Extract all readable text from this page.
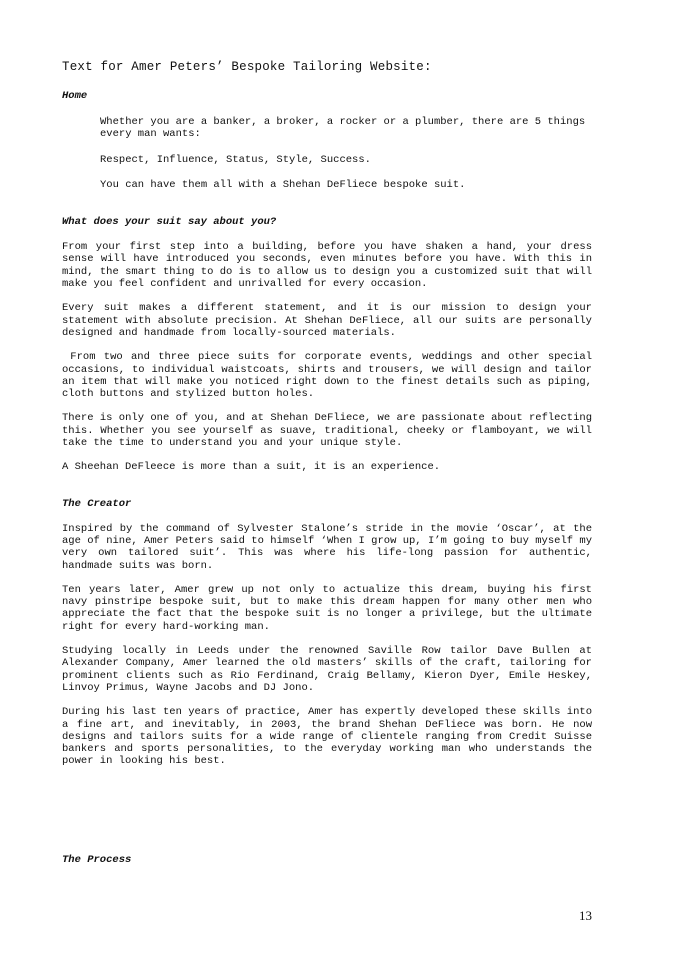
Text for Amer Peters’ Bespoke Tailoring Website:
Home

Whether you are a banker, a broker, a rocker or a plumber, there are 5 things every man wants:

Respect, Influence, Status, Style, Success.

You can have them all with a Shehan DeFliece bespoke suit.

What does your suit say about you?

From your first step into a building, before you have shaken a hand, your dress sense will have introduced you seconds, even minutes before you have. With this in mind, the smart thing to do is to allow us to design you a customized suit that will make you feel confident and unrivalled for every occasion.

Every suit makes a different statement, and it is our mission to design your statement with absolute precision. At Shehan DeFliece, all our suits are personally designed and handmade from locally-sourced materials.

From two and three piece suits for corporate events, weddings and other special occasions, to individual waistcoats, shirts and trousers, we will design and tailor an item that will make you noticed right down to the finest details such as piping, cloth buttons and stylized button holes.

There is only one of you, and at Shehan DeFliece, we are passionate about reflecting this. Whether you see yourself as suave, traditional, cheeky or flamboyant, we will take the time to understand you and your unique style.

A Sheehan DeFleece is more than a suit, it is an experience.

The Creator

Inspired by the command of Sylvester Stalone’s stride in the movie ‘Oscar’, at the age of nine, Amer Peters said to himself ‘When I grow up, I’m going to buy myself my very own tailored suit’. This was where his life-long passion for authentic, handmade suits was born.

Ten years later, Amer grew up not only to actualize this dream, buying his first navy pinstripe bespoke suit, but to make this dream happen for many other men who appreciate the fact that the bespoke suit is no longer a privilege, but the ultimate right for every hard-working man.

Studying locally in Leeds under the renowned Saville Row tailor Dave Bullen at Alexander Company, Amer learned the old masters’ skills of the craft, tailoring for prominent clients such as Rio Ferdinand, Craig Bellamy, Kieron Dyer, Emile Heskey, Linvoy Primus, Wayne Jacobs and DJ Jono.

During his last ten years of practice, Amer has expertly developed these skills into a fine art, and inevitably, in 2003, the brand Shehan DeFliece was born. He now designs and tailors suits for a wide range of clientele ranging from Credit Suisse bankers and sports personalities, to the everyday working man who understands the power in looking his best.

The Process
13
